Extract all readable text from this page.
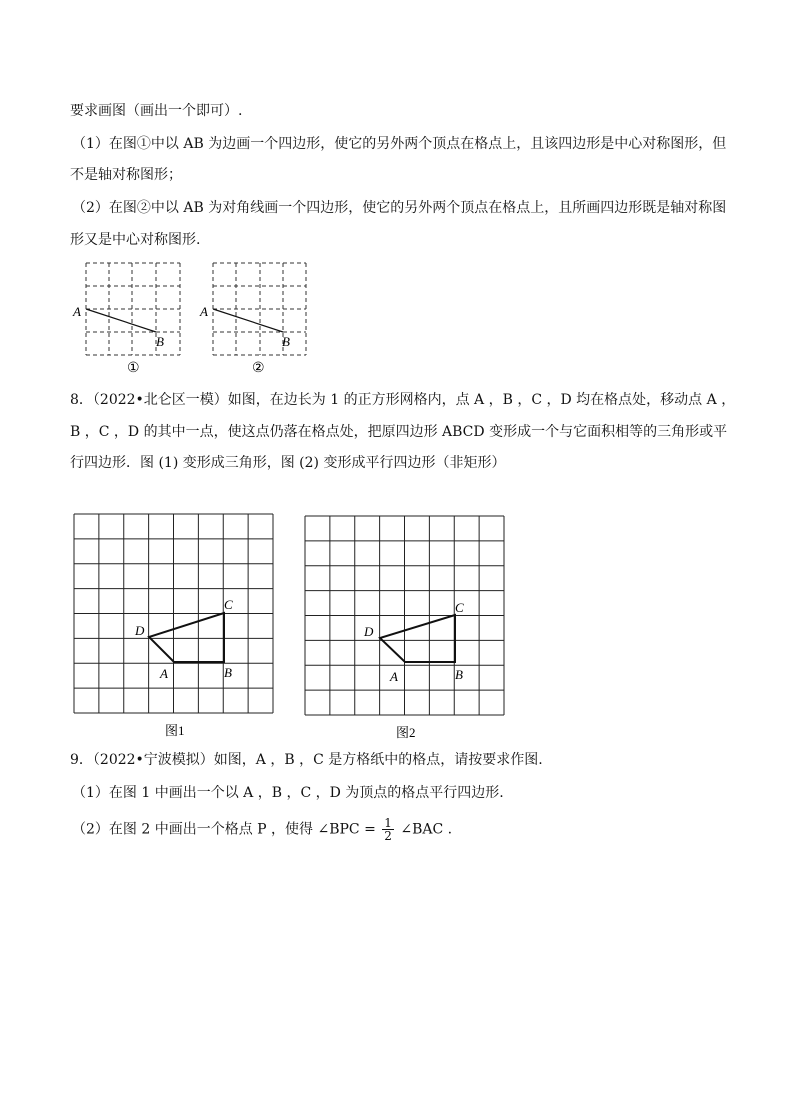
要求画图（画出一个即可）.
（1）在图①中以 AB 为边画一个四边形，使它的另外两个顶点在格点上，且该四边形是中心对称图形，但
不是轴对称图形；
（2）在图②中以 AB 为对角线画一个四边形，使它的另外两个顶点在格点上，且所画四边形既是轴对称图
形又是中心对称图形.
A
B
①
A
B
②
8．（2022•北仑区一模）如图，在边长为 1 的正方形网格内，点 A ，B ，C ，D 均在格点处，移动点 A ，
B ，C ，D 的其中一点，使这点仍落在格点处，把原四边形 ABCD 变形成一个与它面积相等的三角形或平
行四边形．图 (1) 变形成三角形，图 (2) 变形成平行四边形（非矩形）
A	B
C
D
图1
A	B
C
D
图2
9．（2022•宁波模拟）如图，A ，B ，C 是方格纸中的格点，请按要求作图.
（1）在图 1 中画出一个以 A ，B ，C ，D 为顶点的格点平行四边形.
（2）在图 2 中画出一个格点 P ，使得 ∠BPC = $\frac{1}{2}$ ∠BAC .
